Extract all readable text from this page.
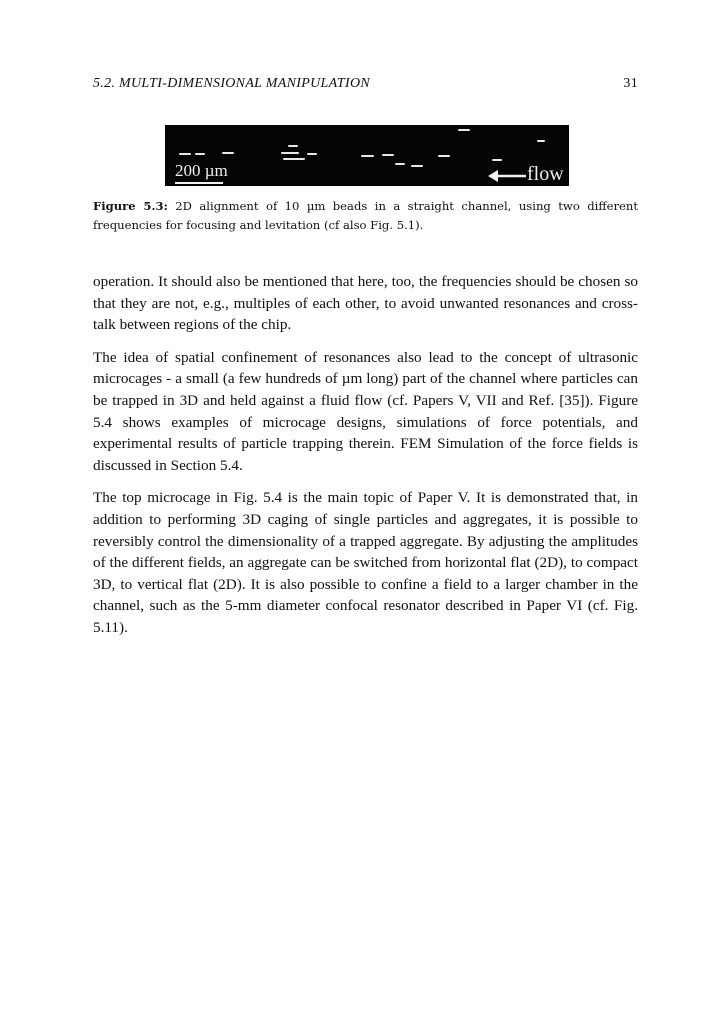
5.2. MULTI-DIMENSIONAL MANIPULATION	31
200 µm	flow
Figure 5.3: 2D alignment of 10 µm beads in a straight channel, using two different frequencies for focusing and levitation (cf also Fig. 5.1).

operation. It should also be mentioned that here, too, the frequencies should be chosen so that they are not, e.g., multiples of each other, to avoid unwanted resonances and cross-talk between regions of the chip.

The idea of spatial confinement of resonances also lead to the concept of ultrasonic microcages - a small (a few hundreds of µm long) part of the channel where particles can be trapped in 3D and held against a fluid flow (cf. Papers V, VII and Ref. [35]). Figure 5.4 shows examples of microcage designs, simulations of force potentials, and experimental results of particle trapping therein. FEM Simulation of the force fields is discussed in Section 5.4.

The top microcage in Fig. 5.4 is the main topic of Paper V. It is demonstrated that, in addition to performing 3D caging of single particles and aggregates, it is possible to reversibly control the dimensionality of a trapped aggregate. By adjusting the amplitudes of the different fields, an aggregate can be switched from horizontal flat (2D), to compact 3D, to vertical flat (2D). It is also possible to confine a field to a larger chamber in the channel, such as the 5-mm diameter confocal resonator described in Paper VI (cf. Fig. 5.11).
